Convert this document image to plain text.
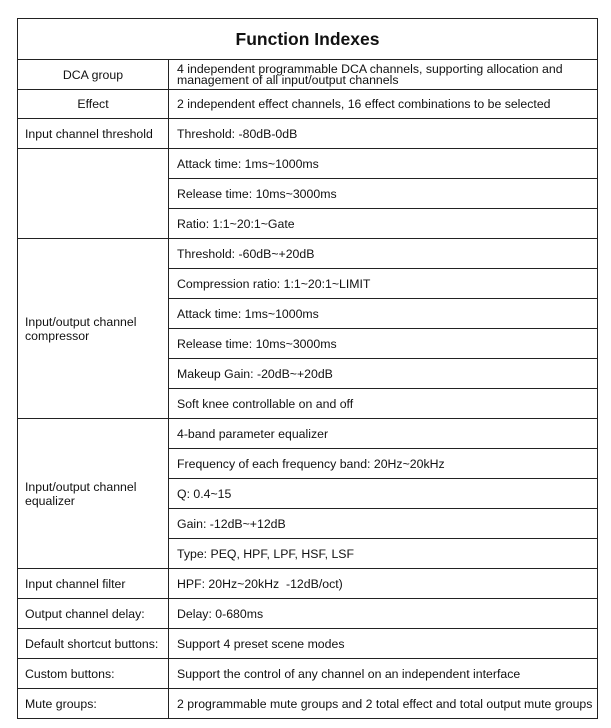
Function Indexes	
DCA group	4 independent programmable DCA channels, supporting allocation and
management of all input/output channels

Effect	2 independent effect channels, 16 effect combinations to be selected
Input channel threshold	Threshold: -80dB-0dB
	Attack time: 1ms~1000ms
	Release time: 10ms~3000ms
	Ratio: 1:1~20:1~Gate

Input/output channel
compressor	Threshold: -60dB~+20dB
	Compression ratio: 1:1~20:1~LIMIT
	Attack time: 1ms~1000ms
	Release time: 10ms~3000ms
	Makeup Gain: -20dB~+20dB
	Soft knee controllable on and off

Input/output channel
equalizer	4-band parameter equalizer
	Frequency of each frequency band: 20Hz~20kHz
	Q: 0.4~15
	Gain: -12dB~+12dB
	Type: PEQ, HPF, LPF, HSF, LSF
Input channel filter	HPF: 20Hz~20kHz  -12dB/oct)
Output channel delay:	Delay: 0-680ms
Default shortcut buttons:	Support 4 preset scene modes
Custom buttons:	Support the control of any channel on an independent interface
Mute groups:	2 programmable mute groups and 2 total effect and total output mute groups
